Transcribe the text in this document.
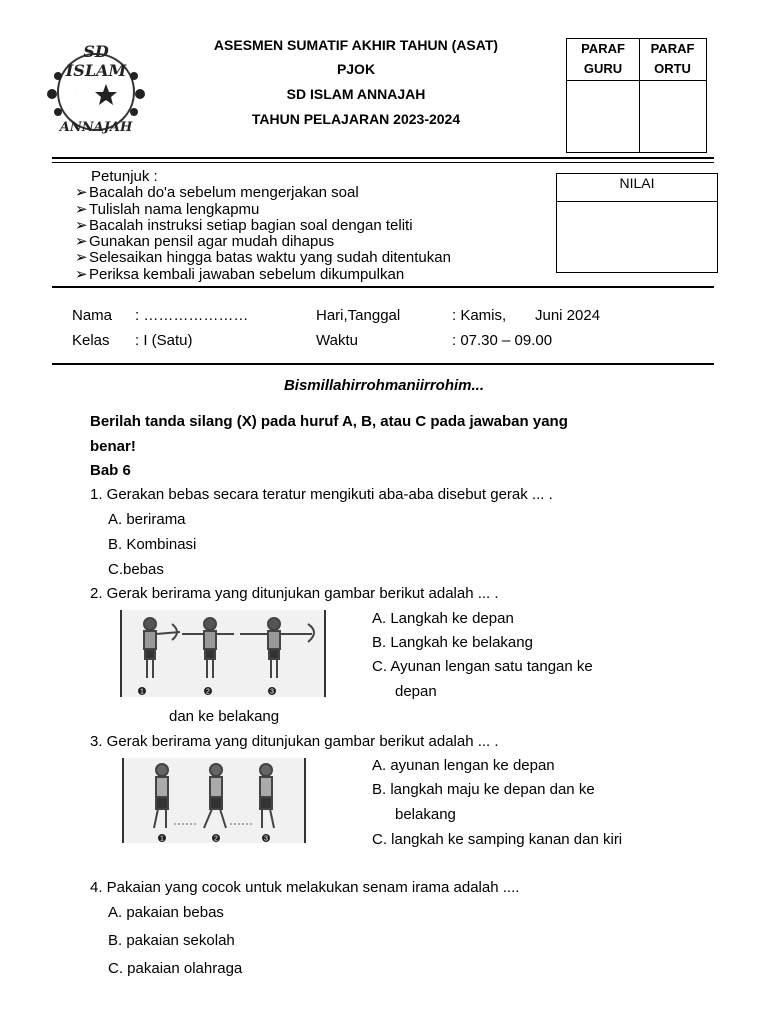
SD ISLAM
ANNAJAH
ASESMEN SUMATIF AKHIR TAHUN (ASAT)
PJOK
SD ISLAM ANNAJAH
TAHUN PELAJARAN 2023-2024
PARAF
GURU
PARAF
ORTU
Petunjuk :
➢Bacalah do'a sebelum mengerjakan soal
➢Tulislah nama lengkapmu
➢Bacalah instruksi setiap bagian soal dengan teliti
➢Gunakan pensil agar mudah dihapus
➢Selesaikan hingga batas waktu yang sudah ditentukan
➢Periksa kembali jawaban sebelum dikumpulkan
NILAI
Nama : …………………	Hari,Tanggal	: Kamis, Juni 2024
Kelas : I (Satu)	Waktu	: 07.30 – 09.00
Bismillahirrohmaniirrohim...
Berilah tanda silang (X) pada huruf A, B, atau C pada jawaban yang
benar!
Bab 6
1. Gerakan bebas secara teratur mengikuti aba-aba disebut gerak ... .
A. berirama
B. Kombinasi
C.bebas
2. Gerak berirama yang ditunjukan gambar berikut adalah ... .
1	2	3
A. Langkah ke depan
B. Langkah ke belakang
C. Ayunan lengan satu tangan ke
depan
dan ke belakang
3. Gerak berirama yang ditunjukan gambar berikut adalah ... .
1	2	3
A. ayunan lengan ke depan
B. langkah maju ke depan dan ke
belakang
C. langkah ke samping kanan dan kiri
4. Pakaian yang cocok untuk melakukan senam irama adalah ....
A. pakaian bebas
B. pakaian sekolah
C. pakaian olahraga
